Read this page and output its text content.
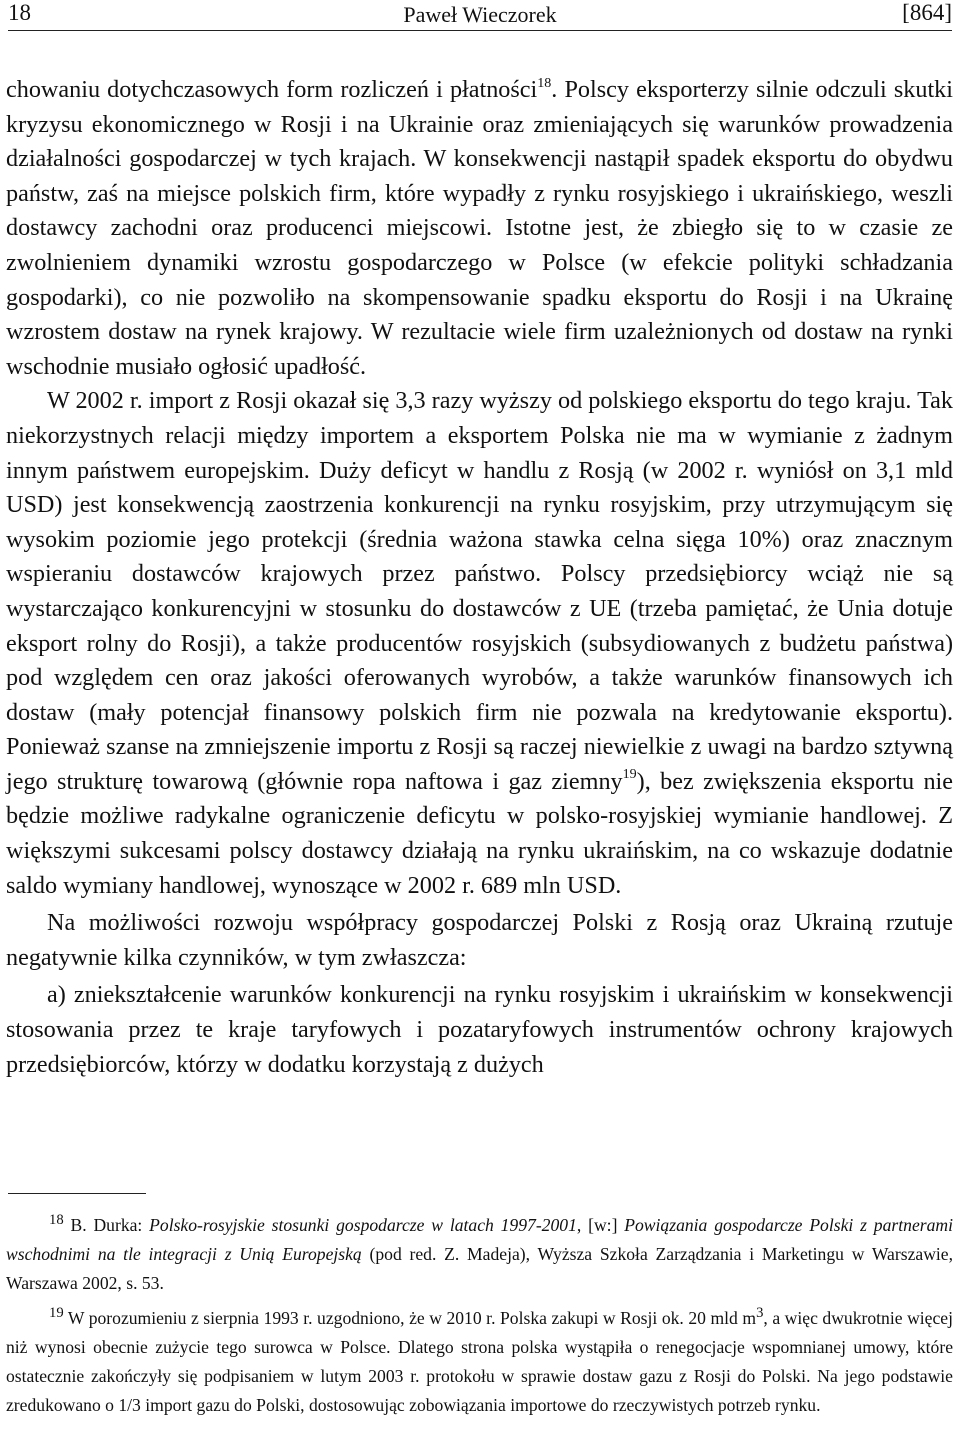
18	Paweł Wieczorek	[864]

chowaniu dotychczasowych form rozliczeń i płatności$^{18}$. Polscy eksporterzy silnie odczuli skutki kryzysu ekonomicznego w Rosji i na Ukrainie oraz zmieniających się warunków prowadzenia działalności gospodarczej w tych krajach. W konsekwencji nastąpił spadek eksportu do obydwu państw, zaś na miejsce polskich firm, które wypadły z rynku rosyjskiego i ukraińskiego, weszli dostawcy zachodni oraz producenci miejscowi. Istotne jest, że zbiegło się to w czasie ze zwolnieniem dynamiki wzrostu gospodarczego w Polsce (w efekcie polityki schładzania gospodarki), co nie pozwoliło na skompensowanie spadku eksportu do Rosji i na Ukrainę wzrostem dostaw na rynek krajowy. W rezultacie wiele firm uzależnionych od dostaw na rynki wschodnie musiało ogłosić upadłość.

W 2002 r. import z Rosji okazał się 3,3 razy wyższy od polskiego eksportu do tego kraju. Tak niekorzystnych relacji między importem a eksportem Polska nie ma w wymianie z żadnym innym państwem europejskim. Duży deficyt w handlu z Rosją (w 2002 r. wyniósł on 3,1 mld USD) jest konsekwencją zaostrzenia konkurencji na rynku rosyjskim, przy utrzymującym się wysokim poziomie jego protekcji (średnia ważona stawka celna sięga 10%) oraz znacznym wspieraniu dostawców krajowych przez państwo. Polscy przedsiębiorcy wciąż nie są wystarczająco konkurencyjni w stosunku do dostawców z UE (trzeba pamiętać, że Unia dotuje eksport rolny do Rosji), a także producentów rosyjskich (subsydiowanych z budżetu państwa) pod względem cen oraz jakości oferowanych wyrobów, a także warunków finansowych ich dostaw (mały potencjał finansowy polskich firm nie pozwala na kredytowanie eksportu). Ponieważ szanse na zmniejszenie importu z Rosji są raczej niewielkie z uwagi na bardzo sztywną jego strukturę towarową (głównie ropa naftowa i gaz ziemny$^{19}$), bez zwiększenia eksportu nie będzie możliwe radykalne ograniczenie deficytu w polsko-rosyjskiej wymianie handlowej. Z większymi sukcesami polscy dostawcy działają na rynku ukraińskim, na co wskazuje dodatnie saldo wymiany handlowej, wynoszące w 2002 r. 689 mln USD.

Na możliwości rozwoju współpracy gospodarczej Polski z Rosją oraz Ukrainą rzutuje negatywnie kilka czynników, w tym zwłaszcza:

a) zniekształcenie warunków konkurencji na rynku rosyjskim i ukraińskim w konsekwencji stosowania przez te kraje taryfowych i pozataryfowych instrumentów ochrony krajowych przedsiębiorców, którzy w dodatku korzystają z dużych

$^{18}$ B. Durka: Polsko-rosyjskie stosunki gospodarcze w latach 1997-2001, [w:] Powiązania gospodarcze Polski z partnerami wschodnimi na tle integracji z Unią Europejską (pod red. Z. Madeja), Wyższa Szkoła Zarządzania i Marketingu w Warszawie, Warszawa 2002, s. 53.

$^{19}$ W porozumieniu z sierpnia 1993 r. uzgodniono, że w 2010 r. Polska zakupi w Rosji ok. 20 mld $m^3$, a więc dwukrotnie więcej niż wynosi obecnie zużycie tego surowca w Polsce. Dlatego strona polska wystąpiła o renegocjacje wspomnianej umowy, które ostatecznie zakończyły się podpisaniem w lutym 2003 r. protokołu w sprawie dostaw gazu z Rosji do Polski. Na jego podstawie zredukowano o 1/3 import gazu do Polski, dostosowując zobowiązania importowe do rzeczywistych potrzeb rynku.
